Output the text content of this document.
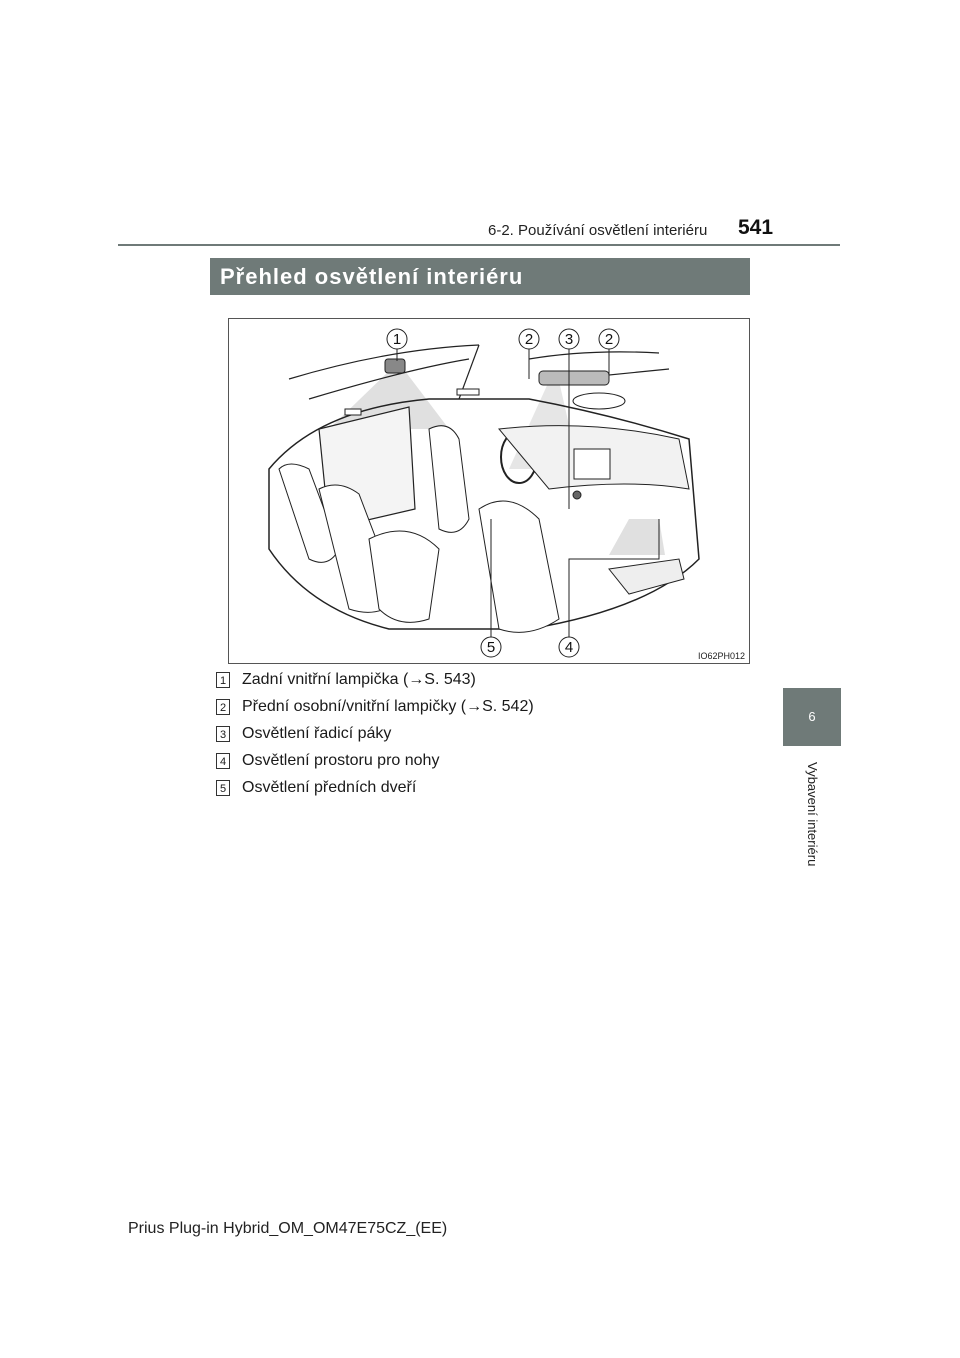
6-2. Používání osvětlení interiéru 541
Přehled osvětlení interiéru
6
Vybavení interiéru
1	2 3 2
5	4	IO62PH012
1 Zadní vnitřní lampička (→S. 543)
2 Přední osobní/vnitřní lampičky (→S. 542)
3 Osvětlení řadicí páky
4 Osvětlení prostoru pro nohy
5 Osvětlení předních dveří
Prius Plug-in Hybrid_OM_OM47E75CZ_(EE)
